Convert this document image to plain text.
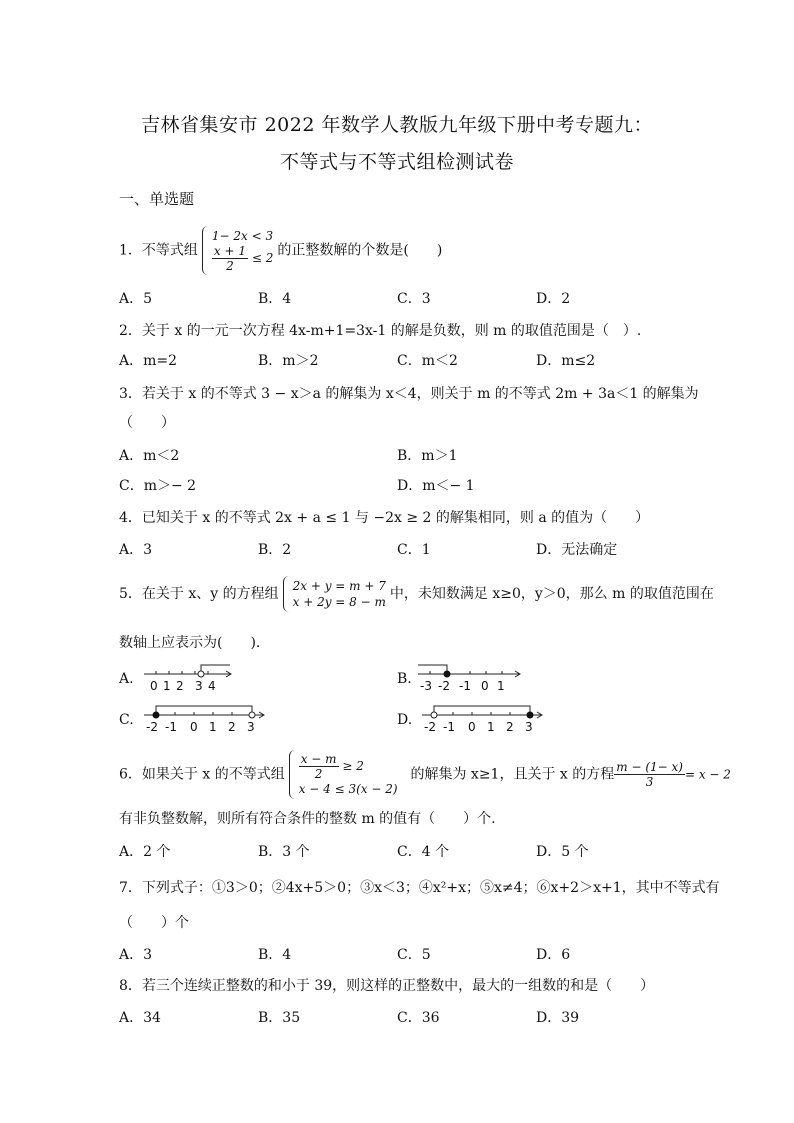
吉林省集安市 2022 年数学人教版九年级下册中考专题九：
不等式与不等式组检测试卷
一、单选题
1．不等式组
1− 2x < 3
$\frac{x + 1}{2} \le 2$ 的正整数解的个数是(　　)
A．5	B．4	C．3	D．2
2．关于 x 的一元一次方程 4x-m+1=3x-1 的解是负数，则 m 的取值范围是（　）.
A．m=2	B．m＞2	C．m＜2	D．m≤2
3．若关于 x 的不等式 3 − x＞a 的解集为 x＜4，则关于 m 的不等式 2m + 3a＜1 的解集为
（　　）
A．m＜2	B．m＞1
C．m＞− 2	D．m＜− 1
4．已知关于 x 的不等式 2x + a ≤ 1 与 −2x ≥ 2 的解集相同，则 a 的值为（　　）
A．3	B．2	C．1	D．无法确定
5．在关于 x、y 的方程组 2x + y = m + 7
x + 2y = 8 − m 中，未知数满足 x≥0，y＞0，那么 m 的取值范围在
数轴上应表示为(　　).
A. 0 1 2 3 4	B. -3 -2 -1 0 1
C. -2 -1 0 1 2 3	D. -2 -1 0 1 2 3
6．如果关于 x 的不等式组 $\frac{x - m}{2} \ge 2$
x − 4 ≤ 3(x − 2)
的解集为 x≥1，且关于 x 的方程 $\frac{m - (1- x)}{3} = x - 2$
有非负整数解，则所有符合条件的整数 m 的值有（　　）个.
A．2 个	B．3 个	C．4 个	D．5 个
7．下列式子：①3＞0；②4x+5＞0；③x＜3；④x²+x；⑤x≠4；⑥x+2＞x+1，其中不等式有
（　　）个
A．3	B．4	C．5	D．6
8．若三个连续正整数的和小于 39，则这样的正整数中，最大的一组数的和是（　　）
A．34	B．35	C．36	D．39
